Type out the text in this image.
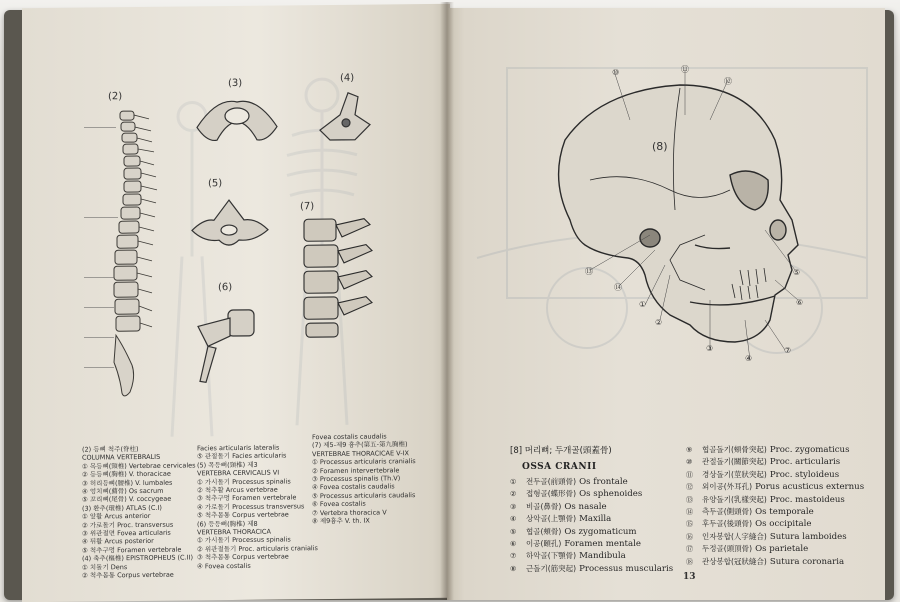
(2)
(3)	(4)
(5)
(6)
(7)
(2) 등뼈 척주(脊柱)
COLUMNA VERTEBRALIS
① 목등뼈(頸椎) Vertebrae cervicales
② 등등뼈(胸椎) V. thoracicae
③ 허리등뼈(腰椎) V. lumbales
④ 엉치뼈(薦骨) Os sacrum
⑤ 꼬리뼈(尾骨) V. coccygeae
(3) 환추(環椎) ATLAS (C.I)
① 앞활 Arcus anterior
② 가로돌기 Proc. transversus
③ 위관절면 Fovea articularis
④ 뒤활 Arcus posterior
⑤ 척추구멍 Foramen vertebrale
(4) 축추(樞椎) EPISTROPHEUS (C.II)
① 치돌기 Dens
② 척추몸통 Corpus vertebrae
Facies articularis lateralis
⑤ 관절돌기 Facies articularis
(5) 목등뼈(頸椎) 제3
VERTEBRA CERVICALIS VI
① 가시돌기 Processus spinalis
② 척추활 Arcus vertebrae
③ 척추구멍 Foramen vertebrale
④ 가로돌기 Processus transversus
⑤ 척추몸통 Corpus vertebrae
(6) 등등뼈(胸椎) 제8
VERTEBRA THORACICA
① 가시돌기 Processus spinalis
② 위관절돌기 Proc. articularis cranialis
③ 척추몸통 Corpus vertebrae
④ Fovea costalis
Fovea costalis caudalis
(7) 제5-제9 흉추(第五-第九胸椎)
VERTEBRAE THORACICAE V-IX
① Processus articularis cranialis
② Foramen intervertebrale
③ Processus spinalis (Th.V)
④ Fovea costalis caudalis
⑤ Processus articularis caudalis
⑥ Fovea costalis
⑦ Vertebra thoracica V
⑧ 제9흉추 V. th. IX
(8)
⑩	⑪
⑫
⑬
⑭
①
②
③
④
⑤
⑥
⑦
[8] 머리뼈; 두개골(頭蓋骨)
OSSA CRANII
① 전두골(前頭骨) Os frontale
② 접형골(蝶形骨) Os sphenoides
③ 비골(鼻骨) Os nasale
④ 상악골(上顎骨) Maxilla
⑤ 협골(頰骨) Os zygomaticum
⑥ 이공(頤孔) Foramen mentale
⑦ 하악골(下顎骨) Mandibula
⑧ 근돌기(筋突起) Processus muscularis
⑨ 협골돌기(頰骨突起) Proc. zygomaticus
⑩ 관절돌기(關節突起) Proc. articularis
⑪ 경상돌기(莖狀突起) Proc. styloideus
⑫ 외이공(外耳孔) Porus acusticus externus
⑬ 유양돌기(乳樣突起) Proc. mastoideus
⑭ 측두골(側頭骨) Os temporale
⑮ 후두골(後頭骨) Os occipitale
⑯ 인자봉합(人字縫合) Sutura lamboides
⑰ 두정골(頭頂骨) Os parietale
⑱ 관상봉합(冠狀縫合) Sutura coronaria
13
